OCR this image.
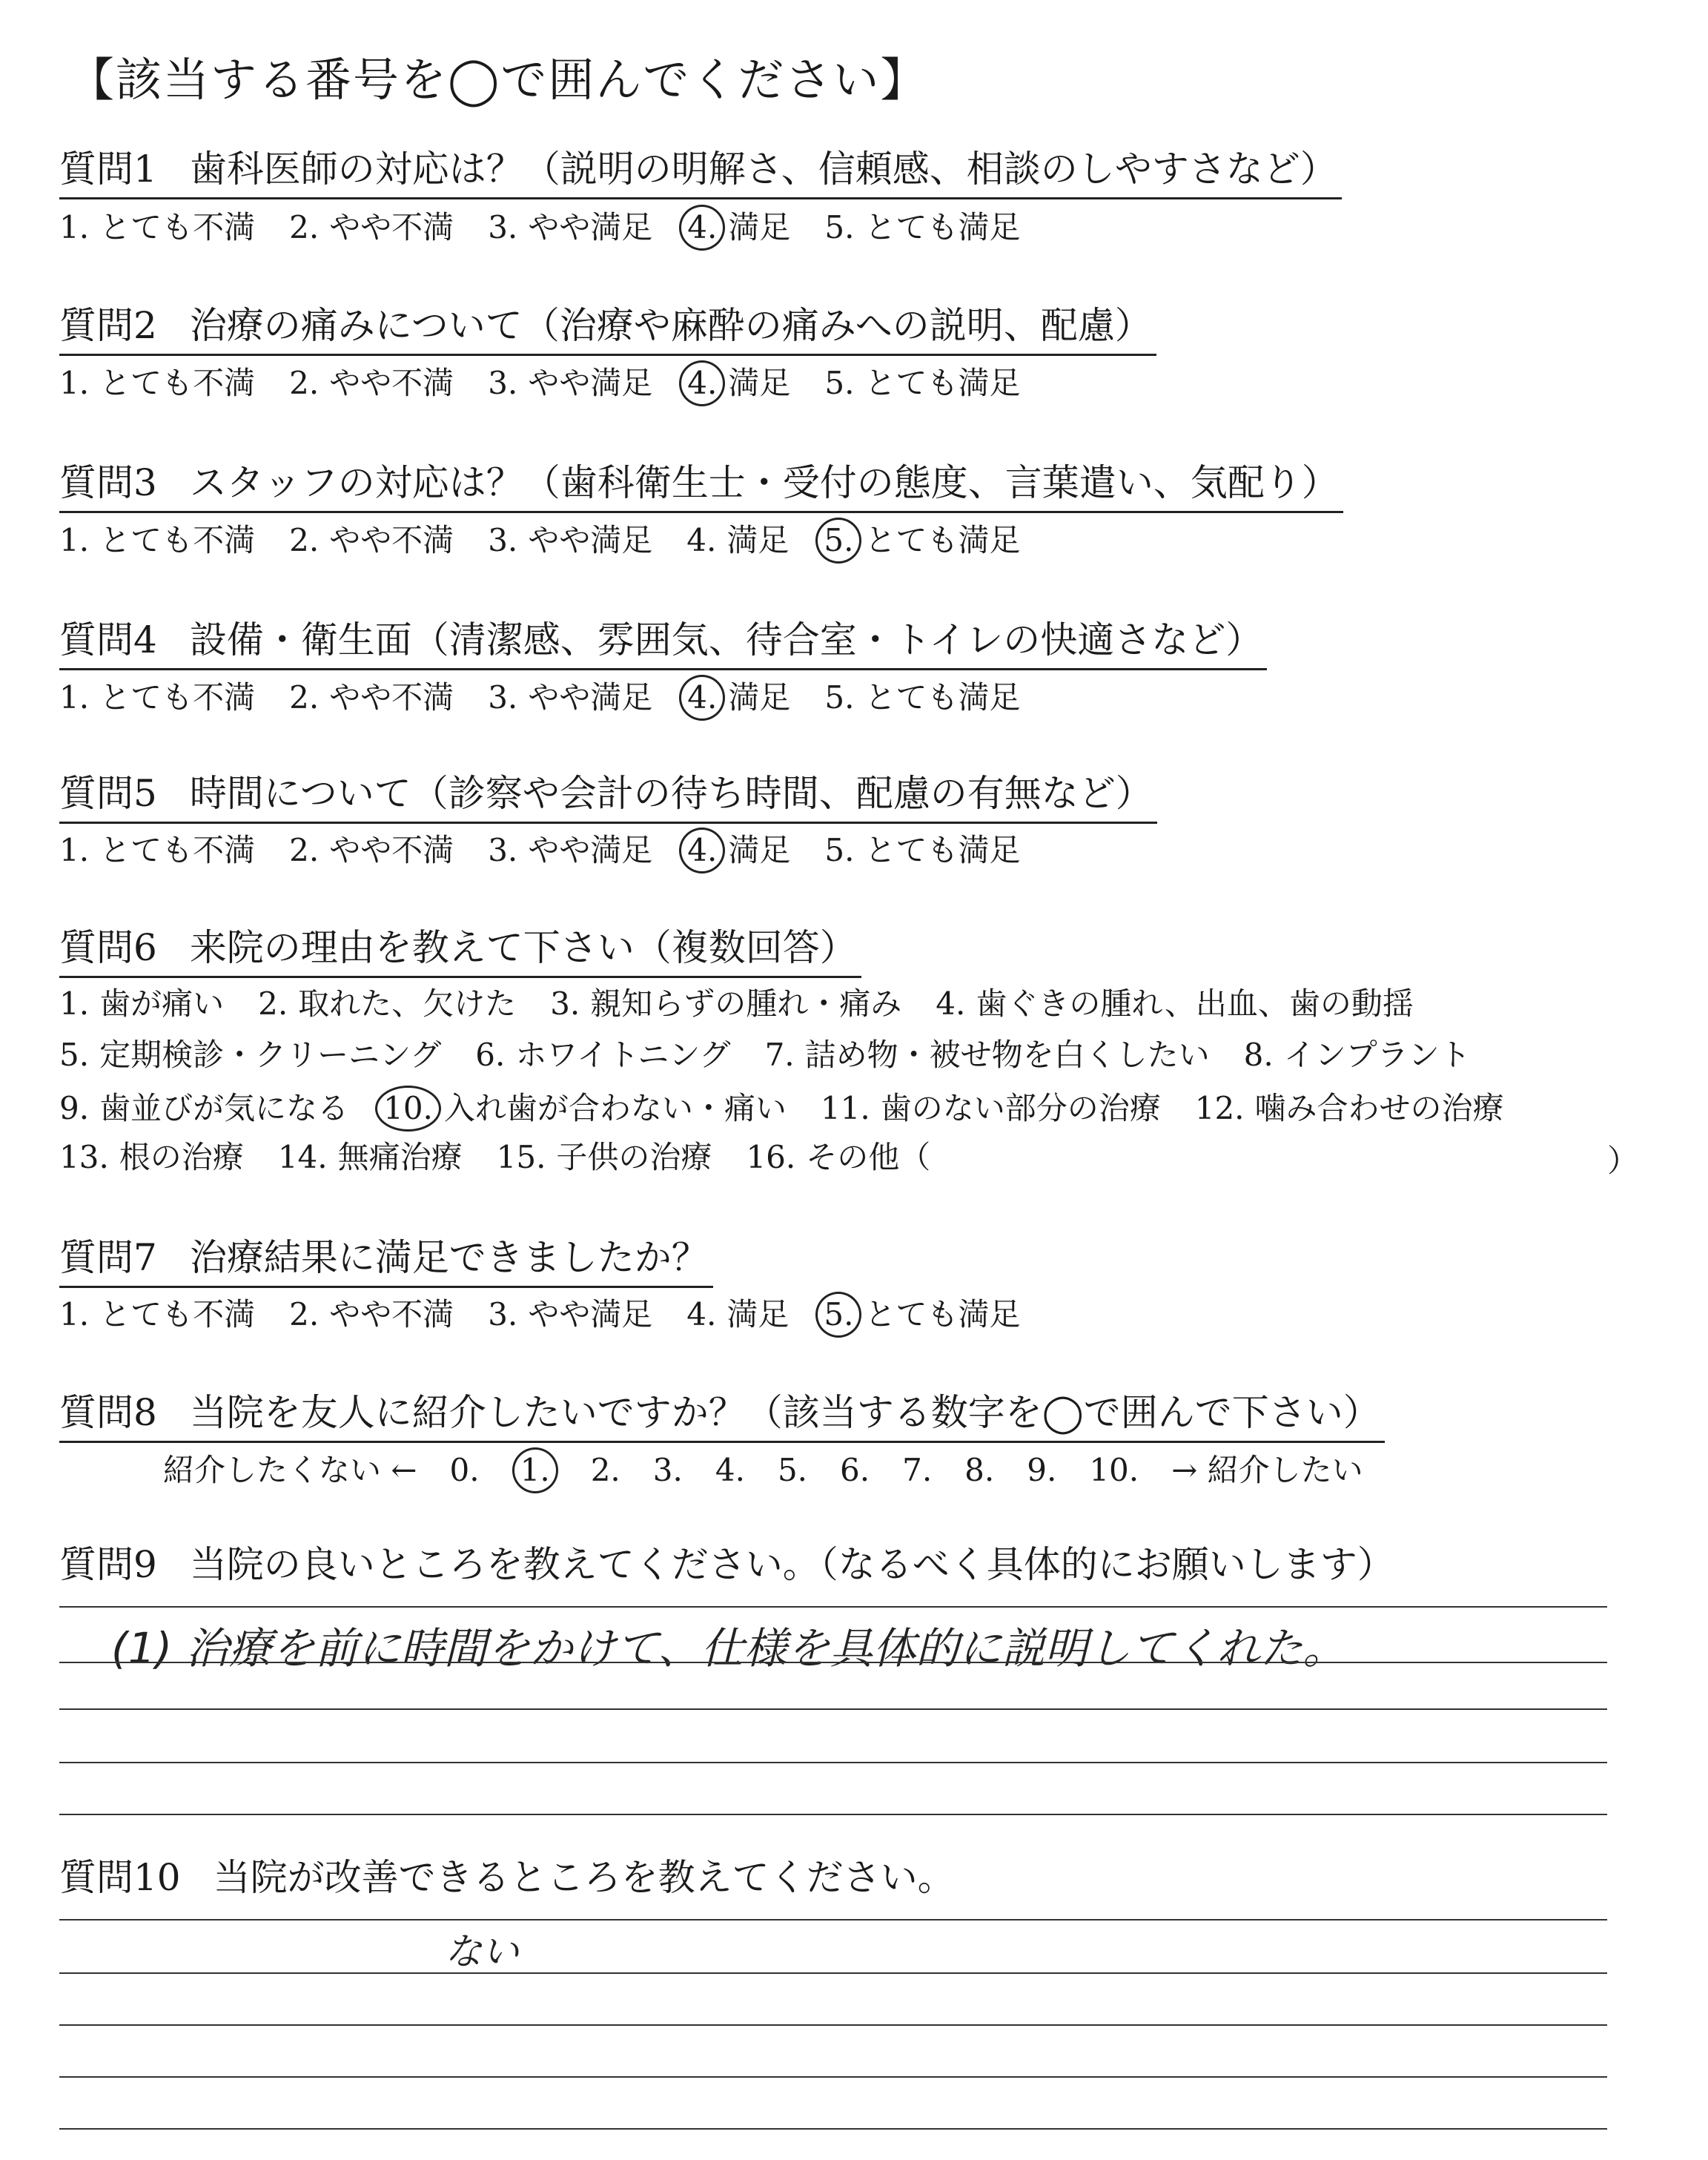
【該当する番号を◯で囲んでください】
質問1 歯科医師の対応は？（説明の明解さ、信頼感、相談のしやすさなど）
1. とても不満 2. やや不満 3. やや満足 4. 満足 5. とても満足
質問2 治療の痛みについて（治療や麻酔の痛みへの説明、配慮）
1. とても不満 2. やや不満 3. やや満足 4. 満足 5. とても満足
質問3 スタッフの対応は？（歯科衛生士・受付の態度、言葉遣い、気配り）
1. とても不満 2. やや不満 3. やや満足 4. 満足 5. とても満足
質問4 設備・衛生面（清潔感、雰囲気、待合室・トイレの快適さなど）
1. とても不満 2. やや不満 3. やや満足 4. 満足 5. とても満足
質問5 時間について（診察や会計の待ち時間、配慮の有無など）
1. とても不満 2. やや不満 3. やや満足 4. 満足 5. とても満足
質問6 来院の理由を教えて下さい（複数回答）
1. 歯が痛い 2. 取れた、欠けた 3. 親知らずの腫れ・痛み 4. 歯ぐきの腫れ、出血、歯の動揺
5. 定期検診・クリーニング 6. ホワイトニング 7. 詰め物・被せ物を白くしたい 8. インプラント
9. 歯並びが気になる 10. 入れ歯が合わない・痛い 11. 歯のない部分の治療 12. 噛み合わせの治療
13. 根の治療 14. 無痛治療 15. 子供の治療 16. その他（	）
質問7 治療結果に満足できましたか？
1. とても不満 2. やや不満 3. やや満足 4. 満足 5. とても満足
質問8 当院を友人に紹介したいですか？（該当する数字を◯で囲んで下さい）
紹介したくない ← 0. 1. 2. 3. 4. 5. 6. 7. 8. 9. 10. → 紹介したい
質問9 当院の良いところを教えてください。（なるべく具体的にお願いします）
(1) 治療を前に時間をかけて、仕様を具体的に説明してくれた。
質問10 当院が改善できるところを教えてください。
ない
